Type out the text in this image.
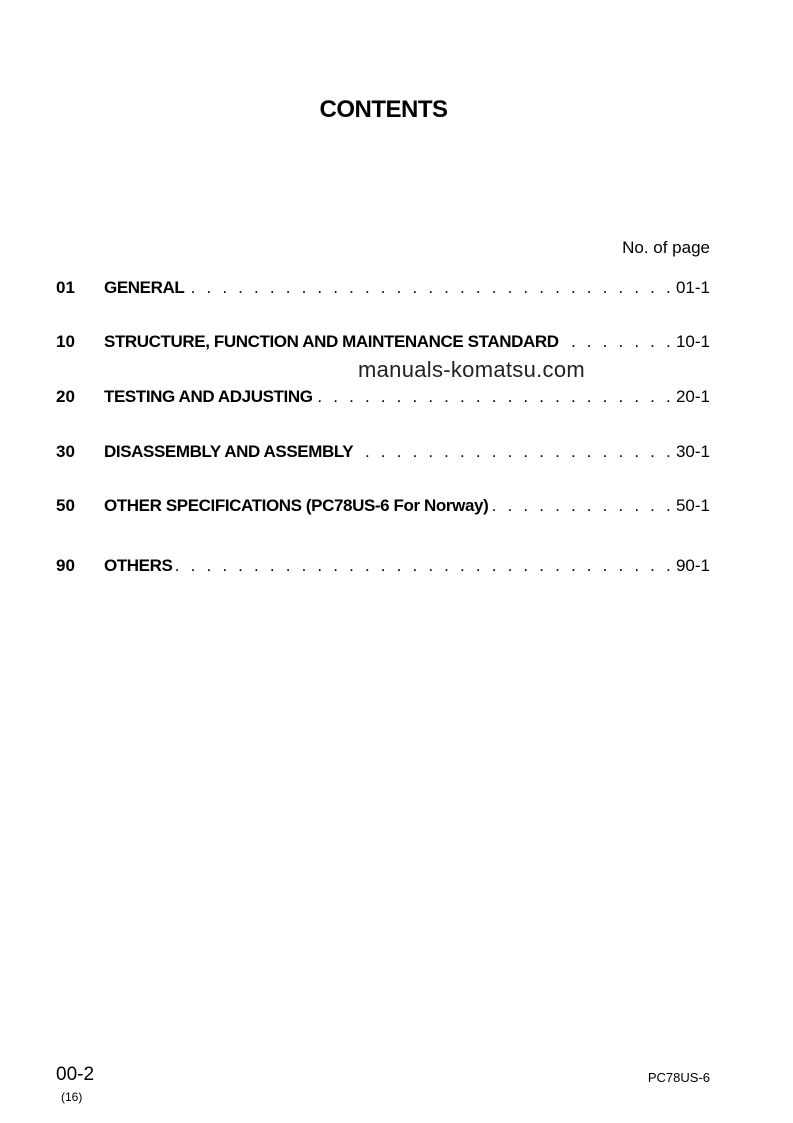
CONTENTS
No. of page
01	GENERAL . . .	01-1
10	STRUCTURE, FUNCTION AND MAINTENANCE STANDARD . . .	10-1
20	TESTING AND ADJUSTING . . .	20-1
30	DISASSEMBLY AND ASSEMBLY . . .	30-1
50	OTHER SPECIFICATIONS (PC78US-6 For Norway) . . .	50-1
90	OTHERS . . .	90-1
manuals-komatsu.com
00-2
(16)
PC78US-6
